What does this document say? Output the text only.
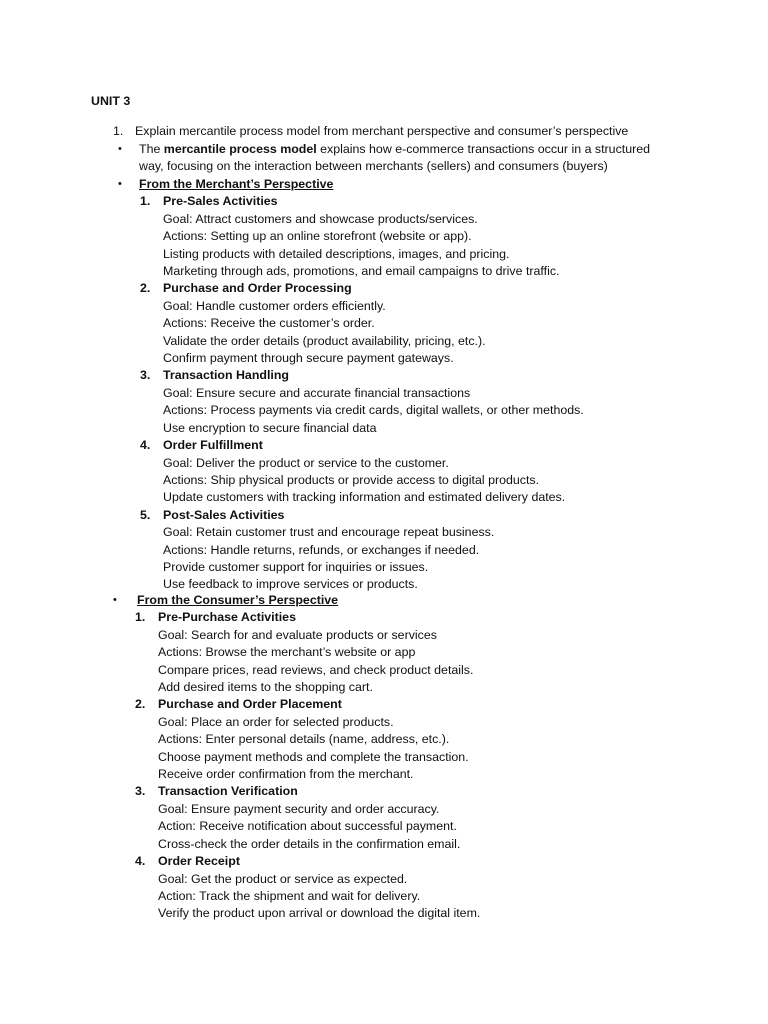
UNIT 3
1. Explain mercantile process model from merchant perspective and consumer’s perspective
• The mercantile process model explains how e-commerce transactions occur in a structured
way, focusing on the interaction between merchants (sellers) and consumers (buyers)
• From the Merchant’s Perspective
1. Pre-Sales Activities
Goal: Attract customers and showcase products/services.
Actions: Setting up an online storefront (website or app).
Listing products with detailed descriptions, images, and pricing.
Marketing through ads, promotions, and email campaigns to drive traffic.
2. Purchase and Order Processing
Goal: Handle customer orders efficiently.
Actions: Receive the customer’s order.
Validate the order details (product availability, pricing, etc.).
Confirm payment through secure payment gateways.
3. Transaction Handling
Goal: Ensure secure and accurate financial transactions
Actions: Process payments via credit cards, digital wallets, or other methods.
Use encryption to secure financial data
4. Order Fulfillment
Goal: Deliver the product or service to the customer.
Actions: Ship physical products or provide access to digital products.
Update customers with tracking information and estimated delivery dates.
5. Post-Sales Activities
Goal: Retain customer trust and encourage repeat business.
Actions: Handle returns, refunds, or exchanges if needed.
Provide customer support for inquiries or issues.
Use feedback to improve services or products.
• From the Consumer’s Perspective
1. Pre-Purchase Activities
Goal: Search for and evaluate products or services
Actions: Browse the merchant’s website or app
Compare prices, read reviews, and check product details.
Add desired items to the shopping cart.
2. Purchase and Order Placement
Goal: Place an order for selected products.
Actions: Enter personal details (name, address, etc.).
Choose payment methods and complete the transaction.
Receive order confirmation from the merchant.
3. Transaction Verification
Goal: Ensure payment security and order accuracy.
Action: Receive notification about successful payment.
Cross-check the order details in the confirmation email.
4. Order Receipt
Goal: Get the product or service as expected.
Action: Track the shipment and wait for delivery.
Verify the product upon arrival or download the digital item.
